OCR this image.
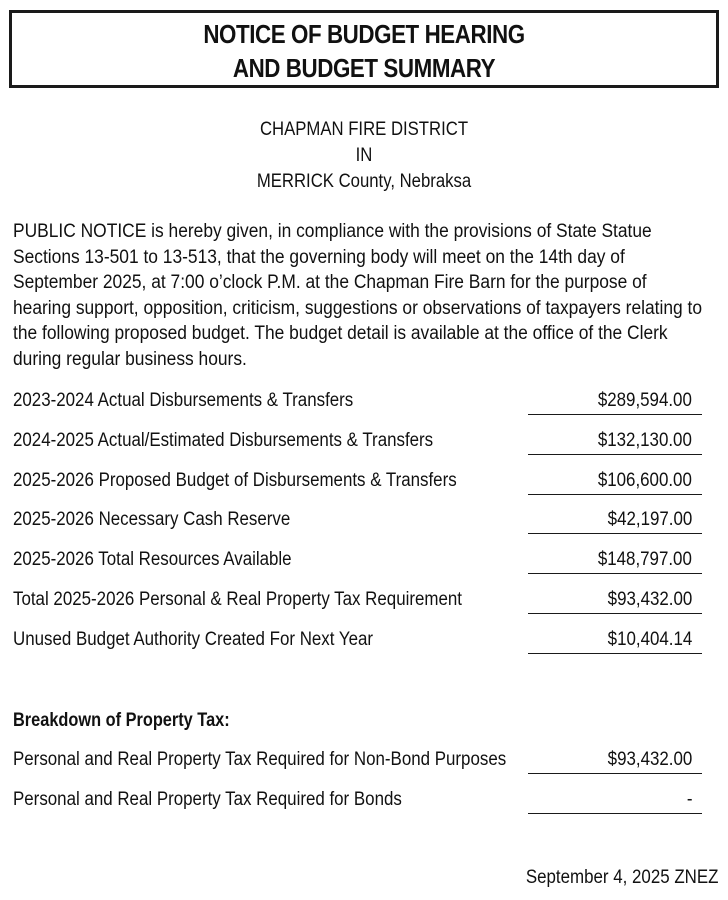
NOTICE OF BUDGET HEARING
AND BUDGET SUMMARY
CHAPMAN FIRE DISTRICT
IN
MERRICK County, Nebraksa
PUBLIC NOTICE is hereby given, in compliance with the provisions of State Statue Sections 13-501 to 13-513, that the governing body will meet on the 14th day of September 2025, at 7:00 o’clock P.M. at the Chapman Fire Barn for the purpose of hearing support, opposition, criticism, suggestions or observations of taxpayers relating to the following proposed budget. The budget detail is available at the office of the Clerk during regular business hours.
2023-2024 Actual Disbursements & Transfers	$289,594.00
2024-2025 Actual/Estimated Disbursements & Transfers	$132,130.00
2025-2026 Proposed Budget of Disbursements & Transfers	$106,600.00
2025-2026 Necessary Cash Reserve	$42,197.00
2025-2026 Total Resources Available	$148,797.00
Total 2025-2026 Personal & Real Property Tax Requirement	$93,432.00
Unused Budget Authority Created For Next Year	$10,404.14
Breakdown of Property Tax:
Personal and Real Property Tax Required for Non-Bond Purposes	$93,432.00
Personal and Real Property Tax Required for Bonds	-
September 4, 2025 ZNEZ
